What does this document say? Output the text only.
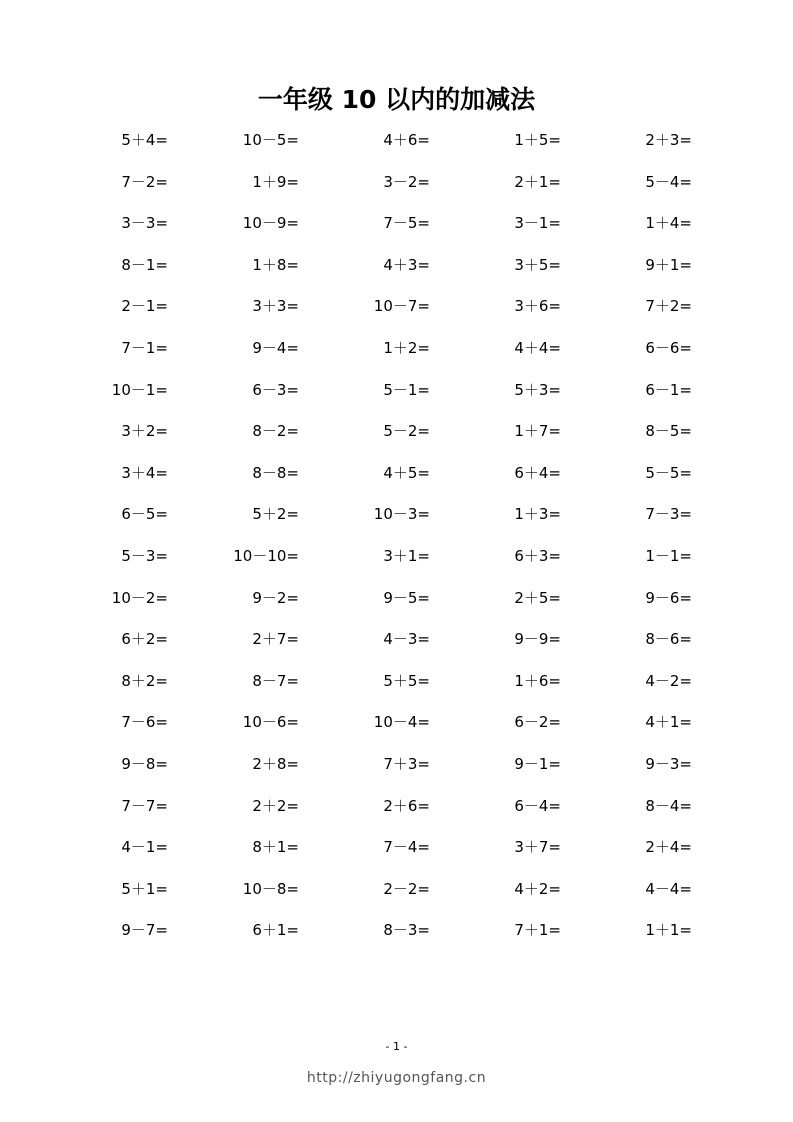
一年级 10 以内的加减法
5＋4=	10－5=	4＋6=	1＋5=	2＋3=
7－2=	1＋9=	3－2=	2＋1=	5－4=
3－3=	10－9=	7－5=	3－1=	1＋4=
8－1=	1＋8=	4＋3=	3＋5=	9＋1=
2－1=	3＋3=	10－7=	3＋6=	7＋2=
7－1=	9－4=	1＋2=	4＋4=	6－6=
10－1=	6－3=	5－1=	5＋3=	6－1=
3＋2=	8－2=	5－2=	1＋7=	8－5=
3＋4=	8－8=	4＋5=	6＋4=	5－5=
6－5=	5＋2=	10－3=	1＋3=	7－3=
5－3=	10－10=	3＋1=	6＋3=	1－1=
10－2=	9－2=	9－5=	2＋5=	9－6=
6＋2=	2＋7=	4－3=	9－9=	8－6=
8＋2=	8－7=	5＋5=	1＋6=	4－2=
7－6=	10－6=	10－4=	6－2=	4＋1=
9－8=	2＋8=	7＋3=	9－1=	9－3=
7－7=	2＋2=	2＋6=	6－4=	8－4=
4－1=	8＋1=	7－4=	3＋7=	2＋4=
5＋1=	10－8=	2－2=	4＋2=	4－4=
9－7=	6＋1=	8－3=	7＋1=	1＋1=
- 1 -
http://zhiyugongfang.cn
